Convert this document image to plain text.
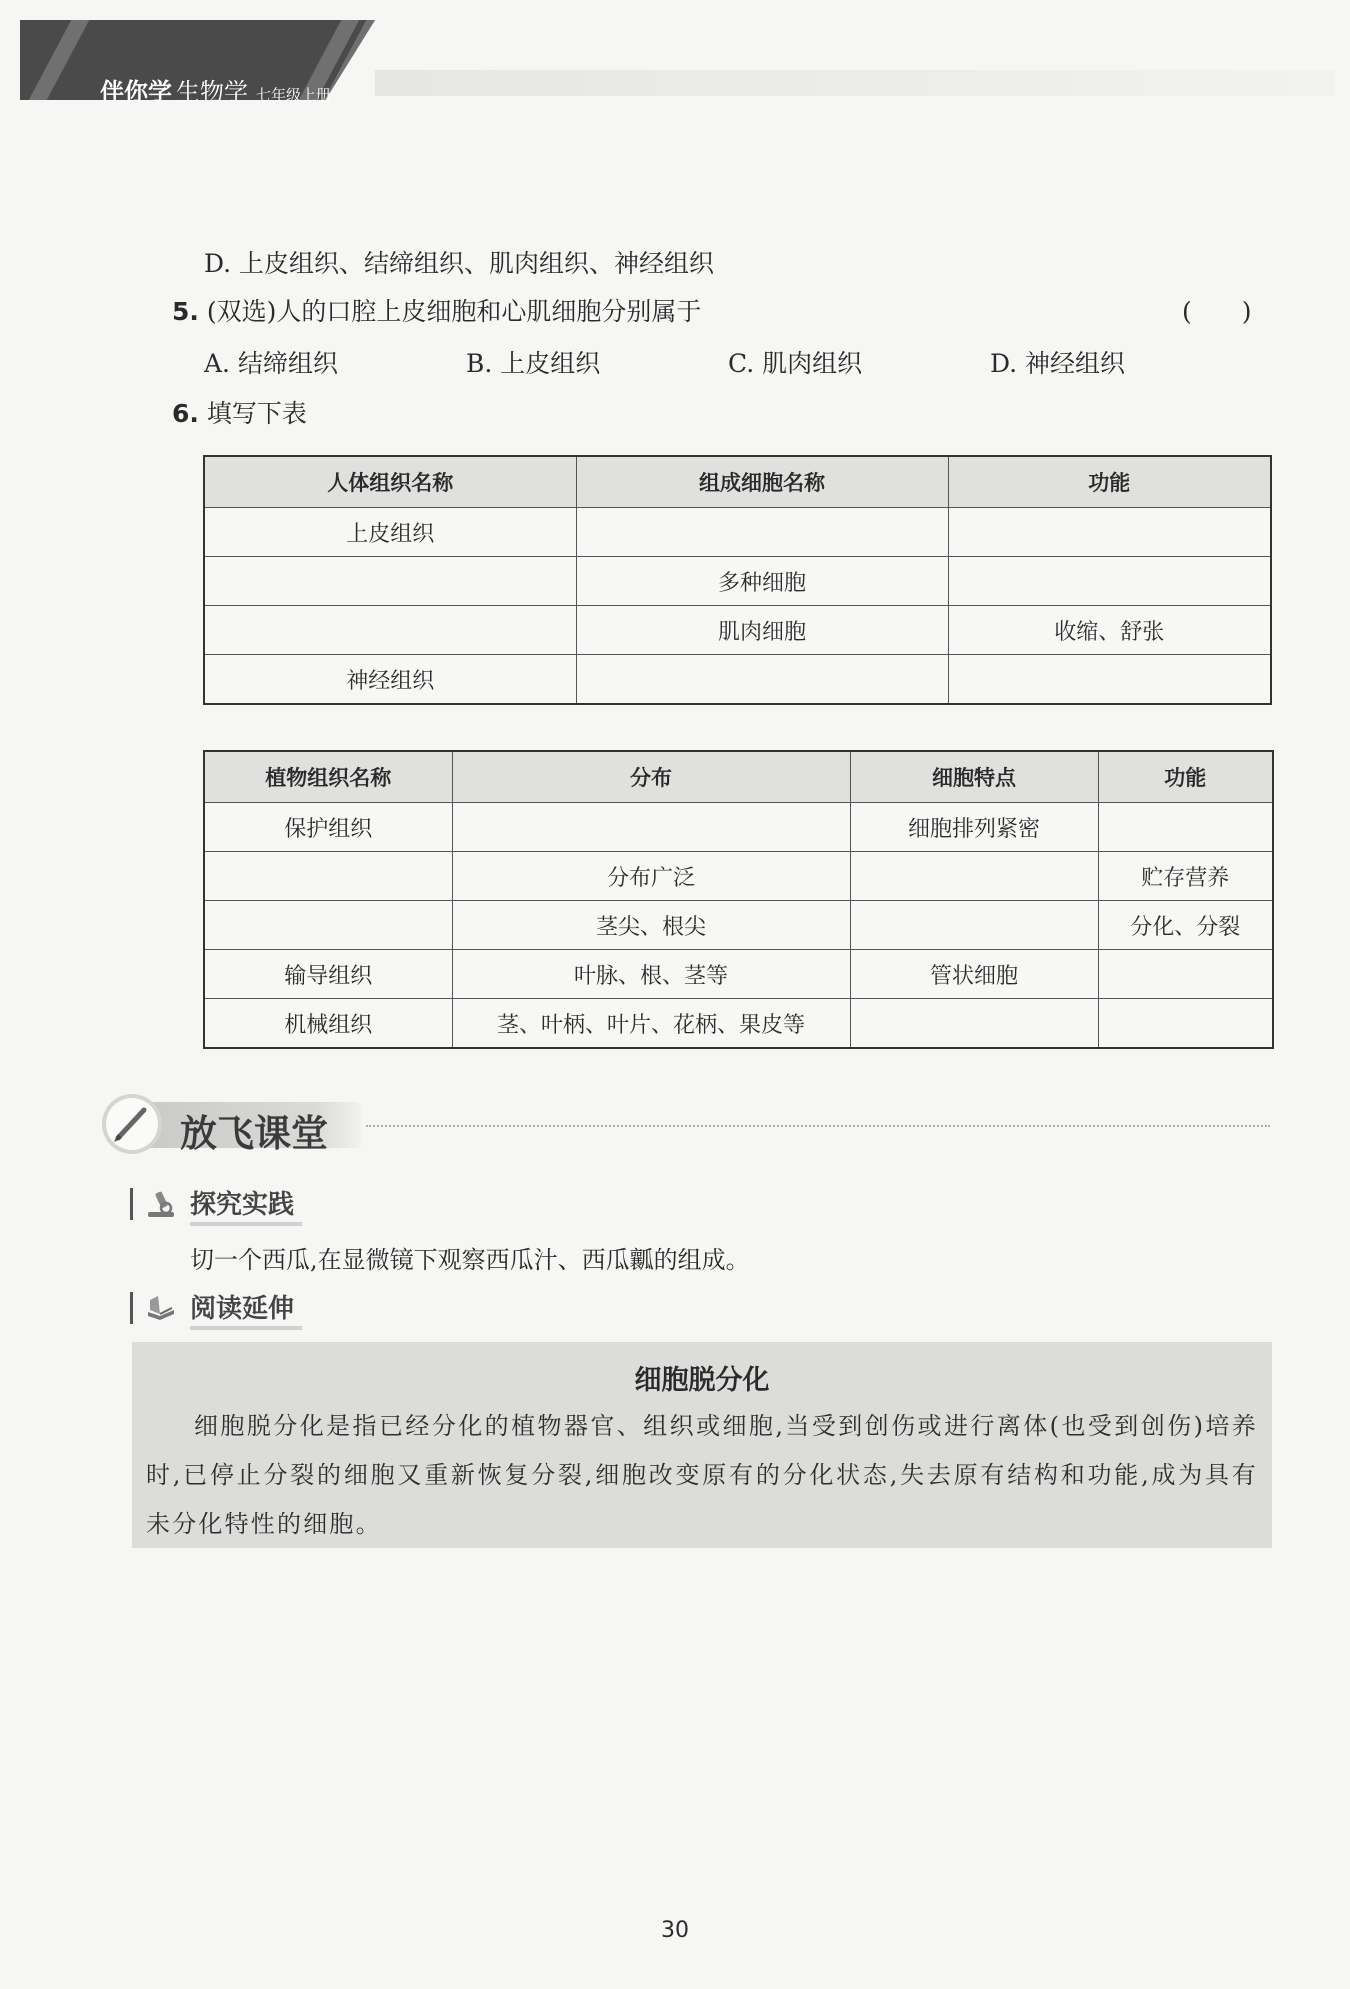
伴你学 生物学 七年级上册
D. 上皮组织、结缔组织、肌肉组织、神经组织
5. (双选)人的口腔上皮细胞和心肌细胞分别属于	(　　)
A. 结缔组织	B. 上皮组织	C. 肌肉组织	D. 神经组织
6. 填写下表
人体组织名称	组成细胞名称	功能
上皮组织		
	多种细胞	
	肌肉细胞	收缩、舒张
神经组织		
植物组织名称	分布	细胞特点	功能
保护组织		细胞排列紧密	
	分布广泛		贮存营养
	茎尖、根尖		分化、分裂
输导组织	叶脉、根、茎等	管状细胞	
机械组织	茎、叶柄、叶片、花柄、果皮等		
放飞课堂
探究实践
切一个西瓜,在显微镜下观察西瓜汁、西瓜瓤的组成。
阅读延伸
细胞脱分化
细胞脱分化是指已经分化的植物器官、组织或细胞,当受到创伤或进行离体(也受到创伤)培养时,已停止分裂的细胞又重新恢复分裂,细胞改变原有的分化状态,失去原有结构和功能,成为具有未分化特性的细胞。
30
